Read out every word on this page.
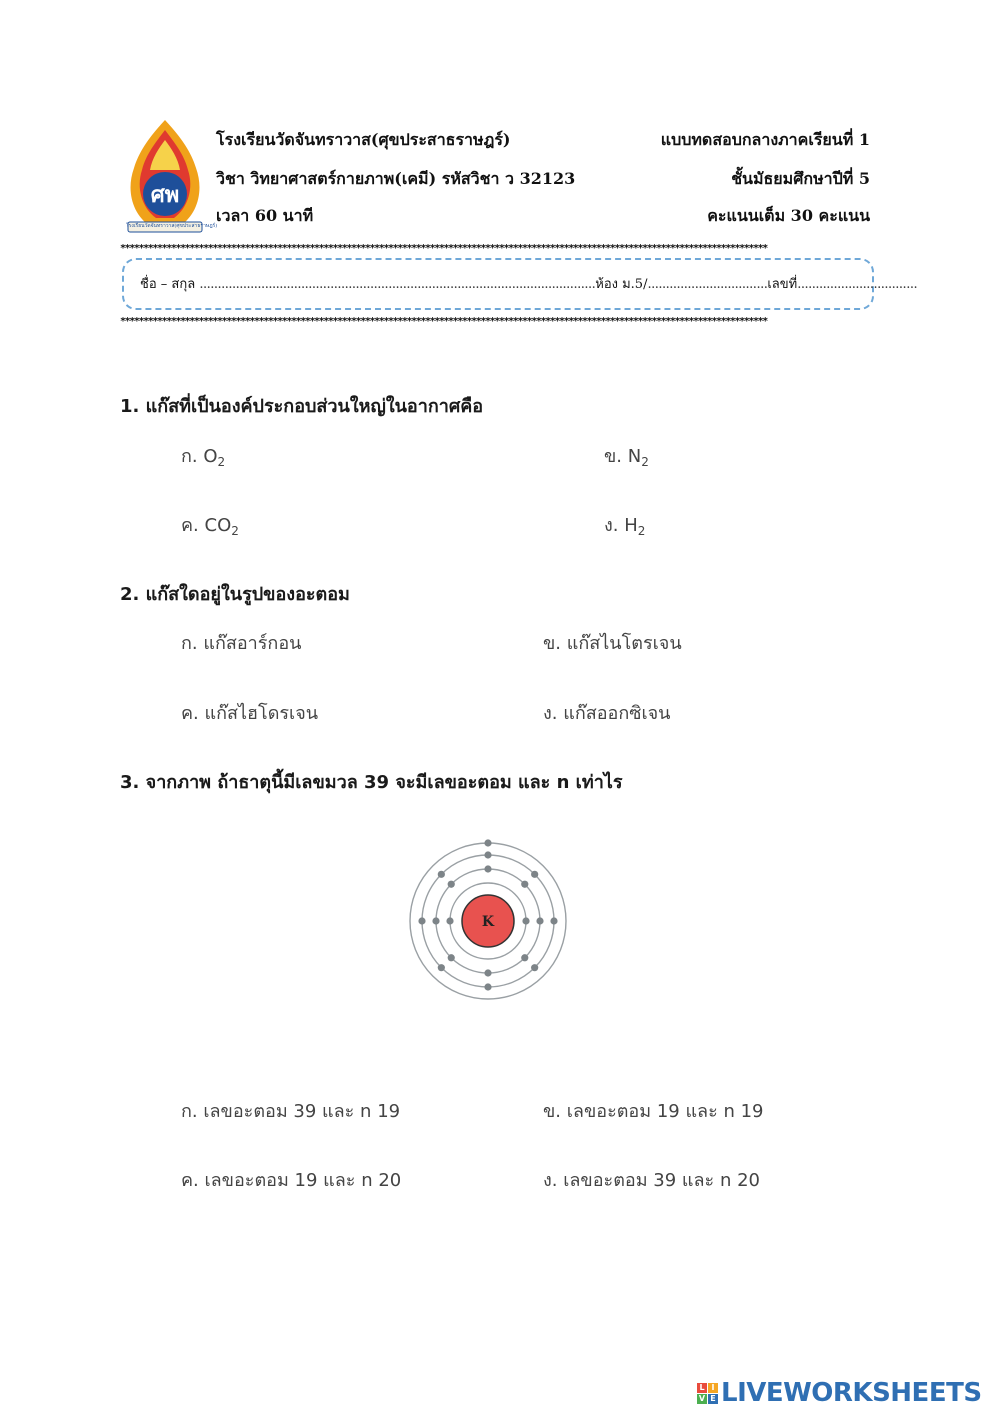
ศพ
โรงเรียนวัดจันทราวาส(ศุขประสาธราษฎร์)
โรงเรียนวัดจันทราวาส(ศุขประสาธราษฎร์)
วิชา วิทยาศาสตร์กายภาพ(เคมี) รหัสวิชา ว 32123
เวลา 60 นาที
แบบทดสอบกลางภาคเรียนที่ 1
ชั้นมัธยมศึกษาปีที่ 5
คะแนนเต็ม 30 คะแนน
********************************************************************************************************************************************
ชื่อ – สกุล .............................................................................................................ห้อง ม.5/.................................เลขที่.................................
********************************************************************************************************************************************
1. แก๊สที่เป็นองค์ประกอบส่วนใหญ่ในอากาศคือ
ก. $O_2$	ข. $N_2$
ค. $CO_2$	ง. $H_2$
2. แก๊สใดอยู่ในรูปของอะตอม
ก. แก๊สอาร์กอน	ข. แก๊สไนโตรเจน
ค. แก๊สไฮโดรเจน	ง. แก๊สออกซิเจน
3. จากภาพ ถ้าธาตุนี้มีเลขมวล 39 จะมีเลขอะตอม และ n เท่าไร
K
ก. เลขอะตอม 39 และ n 19	ข. เลขอะตอม 19 และ n 19
ค. เลขอะตอม 19 และ n 20	ง. เลขอะตอม 39 และ n 20
L I
V E LIVEWORKSHEETS
